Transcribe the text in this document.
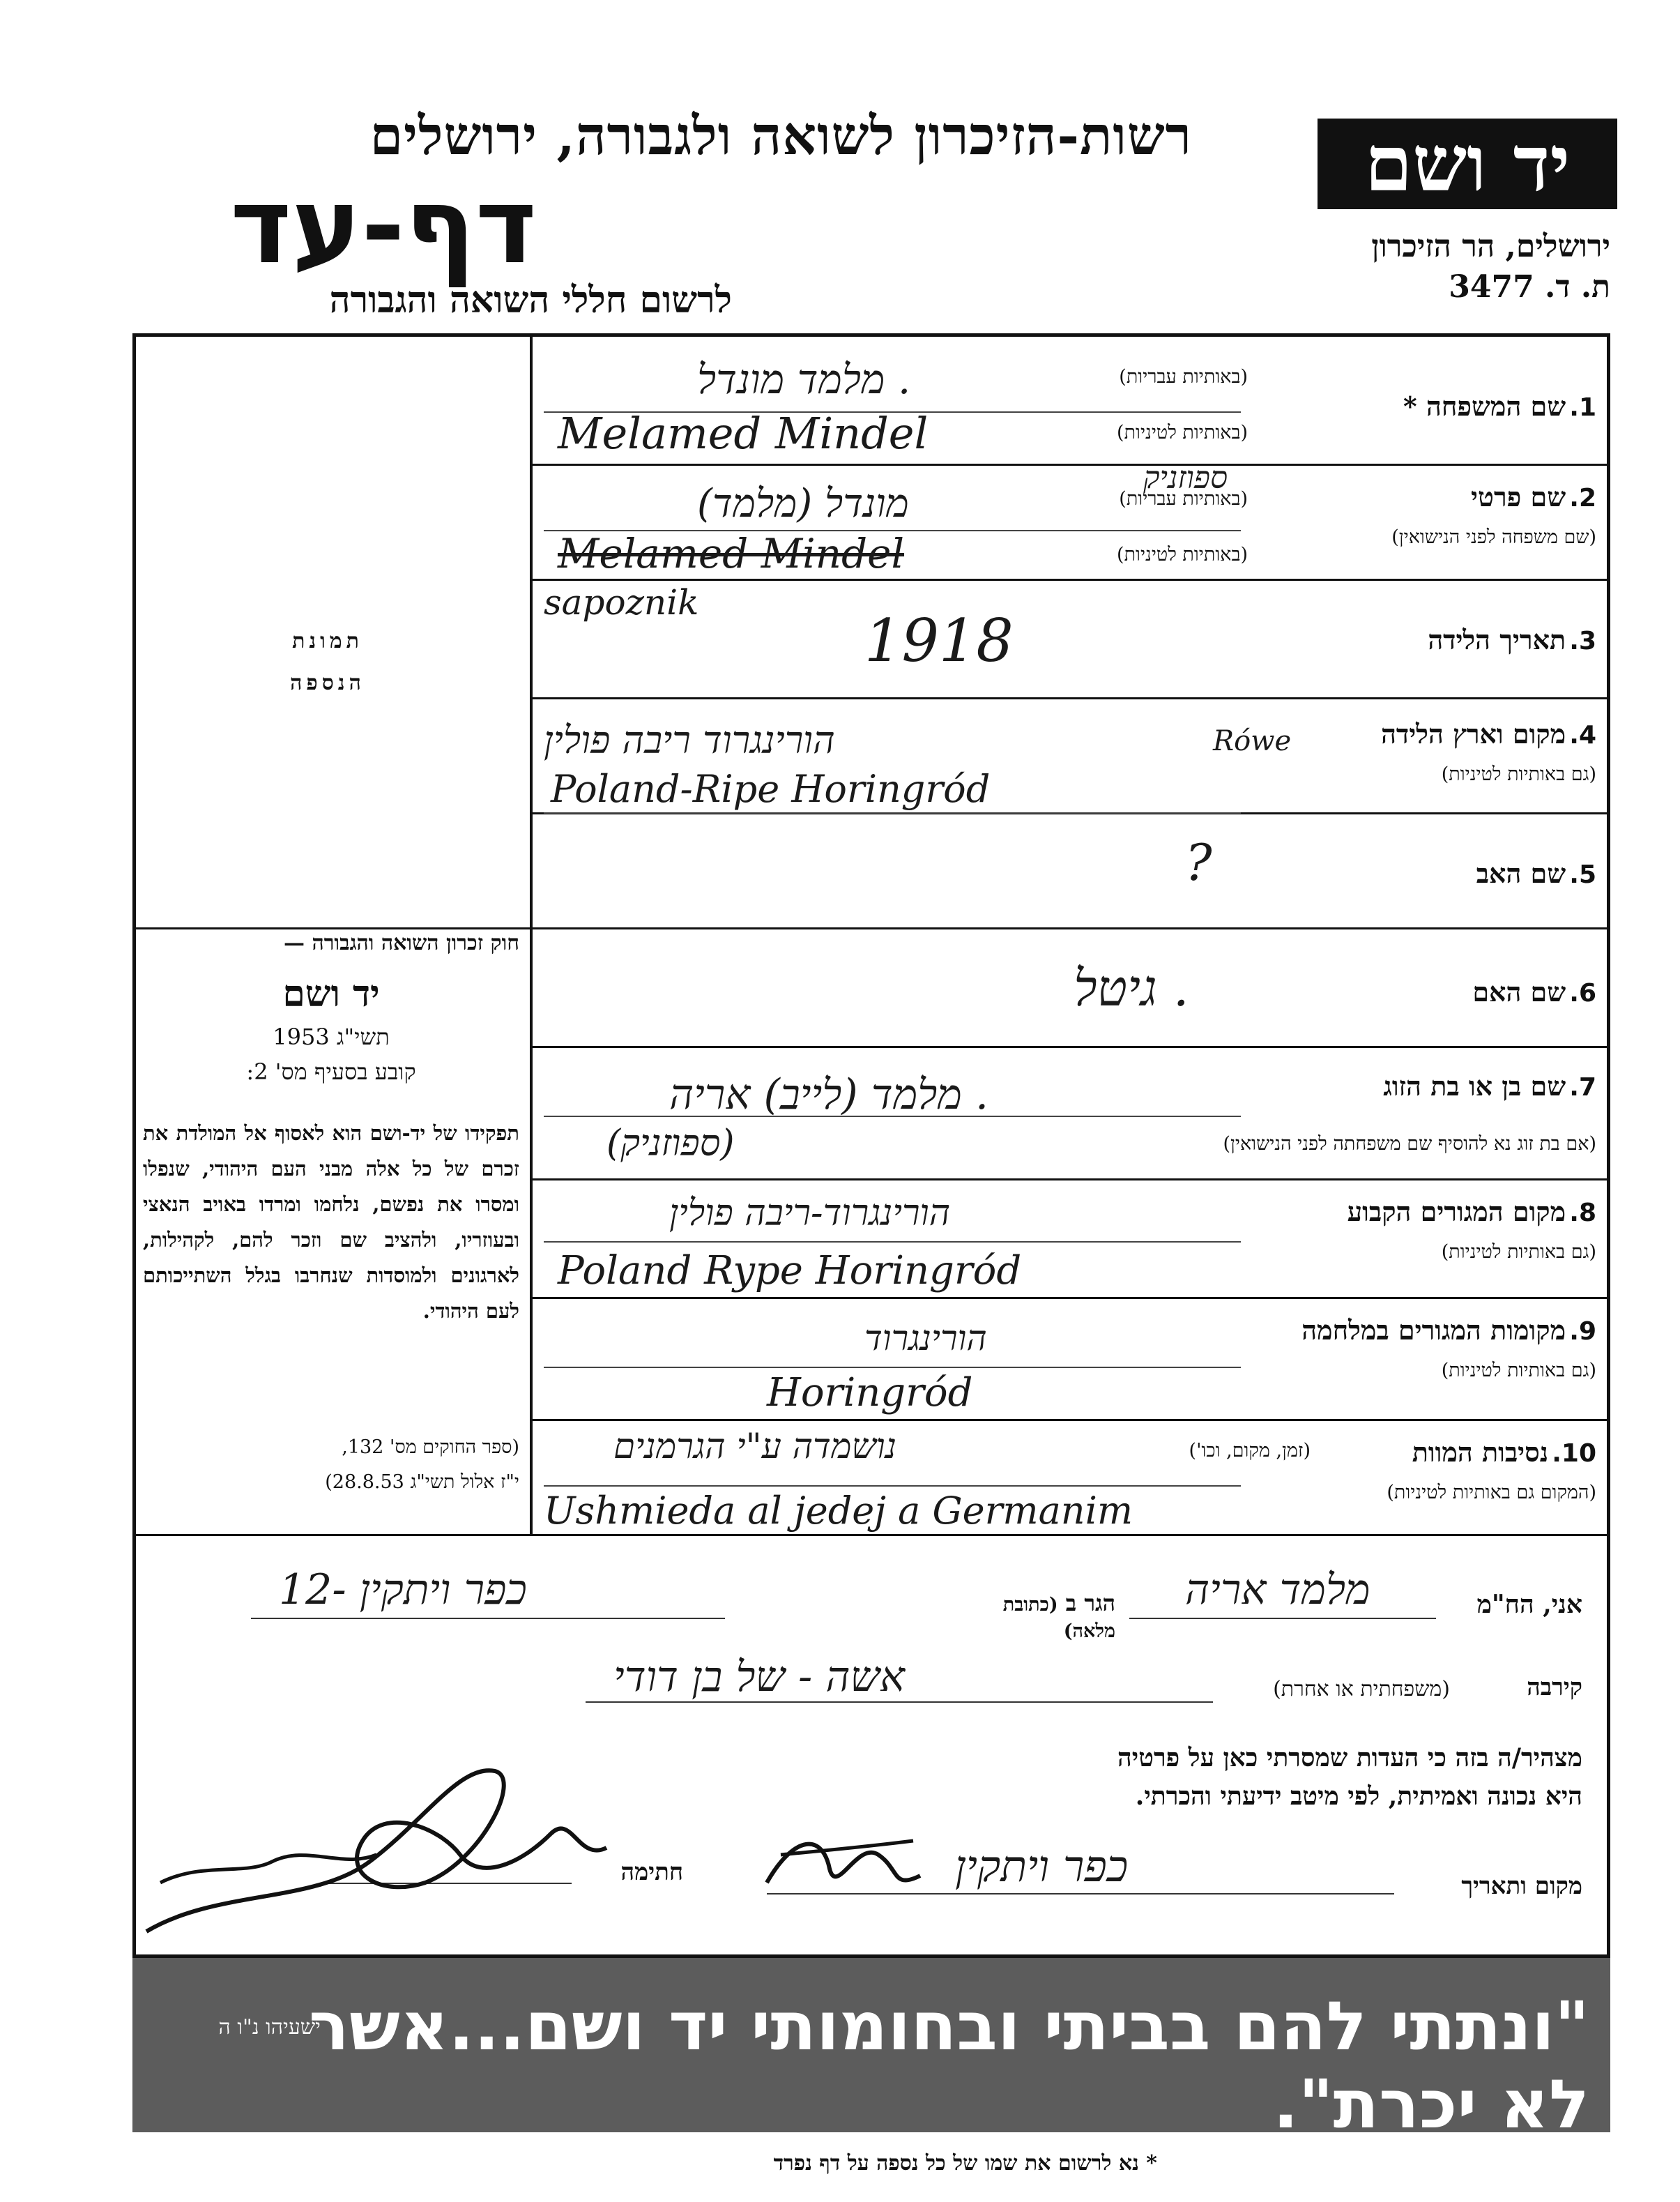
רשות-הזיכרון לשואה ולגבורה, ירושלים
דף-עד
לרשום חללי השואה והגבורה
יד ושם
ירושלים, הר הזיכרון
ת. ד. 3477
תמונת
הנספה
חוק זכרון השואה והגבורה —
יד ושם
תשי"ג 1953
קובע בסעיף מס' 2:
תפקידו של יד-ושם הוא לאסוף אל המולדת את זכרם של כל אלה מבני העם היהודי, שנפלו ומסרו את נפשם, נלחמו ומרדו באויב הנאצי ובעוזריו, ולהציב שם וזכר להם, לקהילות, לארגונים ולמוסדות שנחרבו בגלל השתייכותם לעם היהודי.
(ספר החוקים מס' 132,
י"ז אלול תשי"ג 28.8.53)
1. שם המשפחה *
(באותיות עבריות)
(באותיות לטיניות)
מלמד מונדל .
Melamed Mindel
2. שם פרטי
(שם משפחה לפני הנישואין)
(באותיות עבריות)
(באותיות לטיניות)
ספוזניק
(מלמד) מונדל
Melamed Mindel
sapoznik
3. תאריך הלידה
1918
4. מקום וארץ הלידה
(גם באותיות לטיניות)
הורינגרוד ריבה פולין
Poland-Ripe Horingród
Rówe
5. שם האב
?
6. שם האם
גיטל .
7. שם בן או בת הזוג
(אם בת זוג נא להוסיף שם משפחתה לפני הנישואין)
מלמד (לייב) אריה .
(ספוזניק)
8. מקום המגורים הקבוע
(גם באותיות לטיניות)
הורינגרוד-ריבה פולין
Poland Rype Horingród
9. מקומות המגורים במלחמה
(גם באותיות לטיניות)
הורינגרוד
Horingród
10. נסיבות המוות
(זמן, מקום, וכו')
(המקום גם באותיות לטיניות)
נושמדה ע"י הגרמנים
Ushmieda al jedej a Germanim
אני, הח"מ
מלמד אריה
הגר ב (כתובת מלאה)
כפר ויתקין -12
קירבה
(משפחתית או אחרת)
אשה - של בן דודי
מצהיר/ה בזה כי העדות שמסרתי כאן על פרטיה
היא נכונה ואמיתית, לפי מיטב ידיעתי והכרתי.
מקום ותאריך
כפר ויתקין
חתימה
"ונתתי להם בביתי ובחומותי יד ושם...אשר לא יכרת".
ישעיהו נ"ו ה
* נא לרשום את שמו של כל נספה על דף נפרד
